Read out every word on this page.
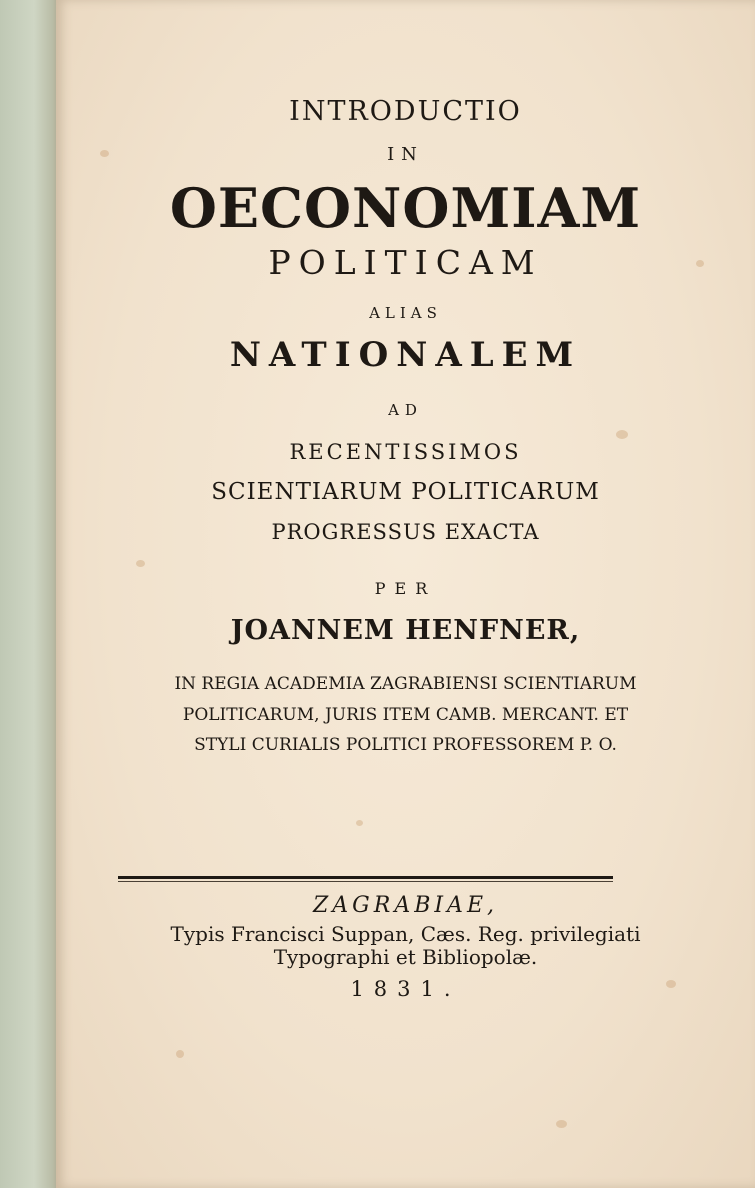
INTRODUCTIO
IN
OECONOMIAM
POLITICAM
ALIAS
NATIONALEM
AD
RECENTISSIMOS
SCIENTIARUM POLITICARUM
PROGRESSUS EXACTA
PER
JOANNEM HENFNER,
IN REGIA ACADEMIA ZAGRABIENSI SCIENTIARUM
POLITICARUM, JURIS ITEM CAMB. MERCANT. ET
STYLI CURIALIS POLITICI PROFESSOREM P. O.
ZAGRABIAE,
Typis Francisci Suppan, Cæs. Reg. privilegiati
Typographi et Bibliopolæ.
1831.
